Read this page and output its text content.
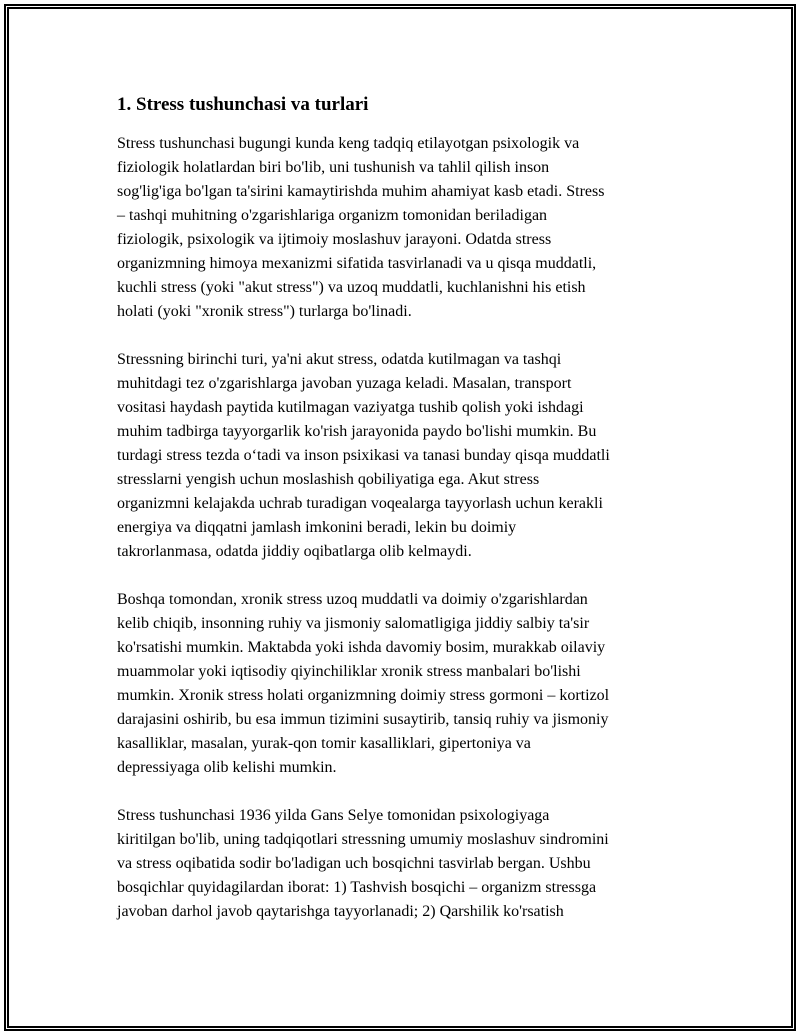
1. Stress tushunchasi va turlari

Stress tushunchasi bugungi kunda keng tadqiq etilayotgan psixologik va
fiziologik holatlardan biri bo'lib, uni tushunish va tahlil qilish inson
sog'lig'iga bo'lgan ta'sirini kamaytirishda muhim ahamiyat kasb etadi. Stress
– tashqi muhitning o'zgarishlariga organizm tomonidan beriladigan
fiziologik, psixologik va ijtimoiy moslashuv jarayoni. Odatda stress
organizmning himoya mexanizmi sifatida tasvirlanadi va u qisqa muddatli,
kuchli stress (yoki "akut stress") va uzoq muddatli, kuchlanishni his etish
holati (yoki "xronik stress") turlarga bo'linadi.

Stressning birinchi turi, ya'ni akut stress, odatda kutilmagan va tashqi
muhitdagi tez o'zgarishlarga javoban yuzaga keladi. Masalan, transport
vositasi haydash paytida kutilmagan vaziyatga tushib qolish yoki ishdagi
muhim tadbirga tayyorgarlik ko'rish jarayonida paydo bo'lishi mumkin. Bu
turdagi stress tezda o‘tadi va inson psixikasi va tanasi bunday qisqa muddatli
stresslarni yengish uchun moslashish qobiliyatiga ega. Akut stress
organizmni kelajakda uchrab turadigan voqealarga tayyorlash uchun kerakli
energiya va diqqatni jamlash imkonini beradi, lekin bu doimiy
takrorlanmasa, odatda jiddiy oqibatlarga olib kelmaydi.

Boshqa tomondan, xronik stress uzoq muddatli va doimiy o'zgarishlardan
kelib chiqib, insonning ruhiy va jismoniy salomatligiga jiddiy salbiy ta'sir
ko'rsatishi mumkin. Maktabda yoki ishda davomiy bosim, murakkab oilaviy
muammolar yoki iqtisodiy qiyinchiliklar xronik stress manbalari bo'lishi
mumkin. Xronik stress holati organizmning doimiy stress gormoni – kortizol
darajasini oshirib, bu esa immun tizimini susaytirib, tansiq ruhiy va jismoniy
kasalliklar, masalan, yurak-qon tomir kasalliklari, gipertoniya va
depressiyaga olib kelishi mumkin.

Stress tushunchasi 1936 yilda Gans Selye tomonidan psixologiyaga
kiritilgan bo'lib, uning tadqiqotlari stressning umumiy moslashuv sindromini
va stress oqibatida sodir bo'ladigan uch bosqichni tasvirlab bergan. Ushbu
bosqichlar quyidagilardan iborat: 1) Tashvish bosqichi – organizm stressga
javoban darhol javob qaytarishga tayyorlanadi; 2) Qarshilik ko'rsatish
